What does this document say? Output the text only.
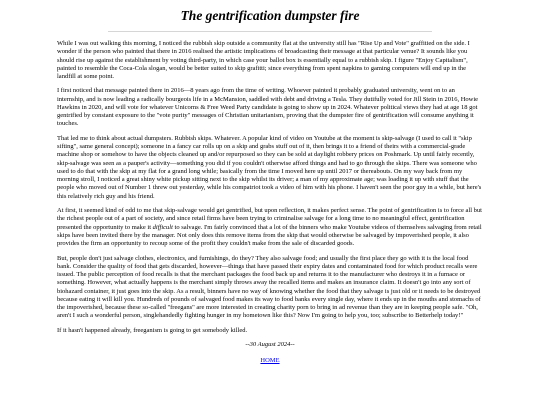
The gentrification dumpster fire

While I was out walking this morning, I noticed the rubbish skip outside a community flat at the university still has "Rise Up and Vote" graffitied on the side. I wonder if the person who painted that there in 2016 realised the artistic implications of broadcasting their message at that particular venue? It sounds like you should rise up against the establishment by voting third-party, in which case your ballot box is essentially equal to a rubbish skip. I figure "Enjoy Capitalism", painted to resemble the Coca-Cola slogan, would be better suited to skip grafitti; since everything from spent napkins to gaming computers will end up in the landfill at some point.

I first noticed that message painted there in 2016—8 years ago from the time of writing. Whoever painted it probably graduated university, went on to an internship, and is now leading a radically bourgeois life in a McMansion, saddled with debt and driving a Tesla. They dutifully voted for Jill Stein in 2016, Howie Hawkins in 2020, and will vote for whatever Unicorns & Free Weed Party candidate is going to show up in 2024. Whatever political views they had at age 18 got gentrified by constant exposure to the "vote purity" messages of Christian unitarianism, proving that the dumpster fire of gentrification will consume anything it touches.

That led me to think about actual dumpsters. Rubbish skips. Whatever. A popular kind of video on Youtube at the moment is skip-salvage (I used to call it "skip sifting", same general concept); someone in a fancy car rolls up on a skip and grabs stuff out of it, then brings it to a friend of theirs with a commercial-grade machine shop or somehow to have the objects cleaned up and/or repurposed so they can be sold at daylight robbery prices on Poshmark. Up until fairly recently, skip-salvage was seen as a pauper's activity—something you did if you couldn't otherwise afford things and had to go through the skips. There was someone who used to do that with the skip at my flat for a grand long while; basically from the time I moved here up until 2017 or thereabouts. On my way back from my morning stroll, I noticed a great shiny white pickup sitting next to the skip whilst its driver; a man of my approximate age; was loading it up with stuff that the people who moved out of Number 1 threw out yesterday, while his compatriot took a video of him with his phone. I haven't seen the poor guy in a while, but here's this relatively rich guy and his friend.

At first, it seemed kind of odd to me that skip-salvage would get gentrified, but upon reflection, it makes perfect sense. The point of gentrification is to force all but the richest people out of a part of society, and since retail firms have been trying to criminalise salvage for a long time to no meaningful effect, gentrification presented the opportunity to make it difficult to salvage. I'm fairly convinced that a lot of the binners who make Youtube videos of themselves salvaging from retail skips have been invited there by the manager. Not only does this remove items from the skip that would otherwise be salvaged by impoverished people, it also provides the firm an opportunity to recoup some of the profit they couldn't make from the sale of discarded goods.

But, people don't just salvage clothes, electronics, and furnishings, do they? They also salvage food; and usually the first place they go with it is the local food bank. Consider the quality of food that gets discarded, however—things that have passed their expiry dates and contaminated food for which product recalls were issued. The public perception of food recalls is that the merchant packages the food back up and returns it to the manufacturer who destroys it in a furnace or something. However, what actually happens is the merchant simply throws away the recalled items and makes an insurance claim. It doesn't go into any sort of biohazard container, it just goes into the skip. As a result, binners have no way of knowing whether the food that they salvage is just old or it needs to be destroyed because eating it will kill you. Hundreds of pounds of salvaged food makes its way to food banks every single day, where it ends up in the mouths and stomachs of the impoverished, because these so-called "freegans" are more interested in creating charity porn to bring in ad revenue than they are in keeping people safe. "Oh, aren't I such a wonderful person, singlehandedly fighting hunger in my hometown like this? Now I'm going to help you, too; subscribe to Betterhelp today!"

If it hasn't happened already, freeganism is going to get somebody killed.

--30 August 2024--

HOME
